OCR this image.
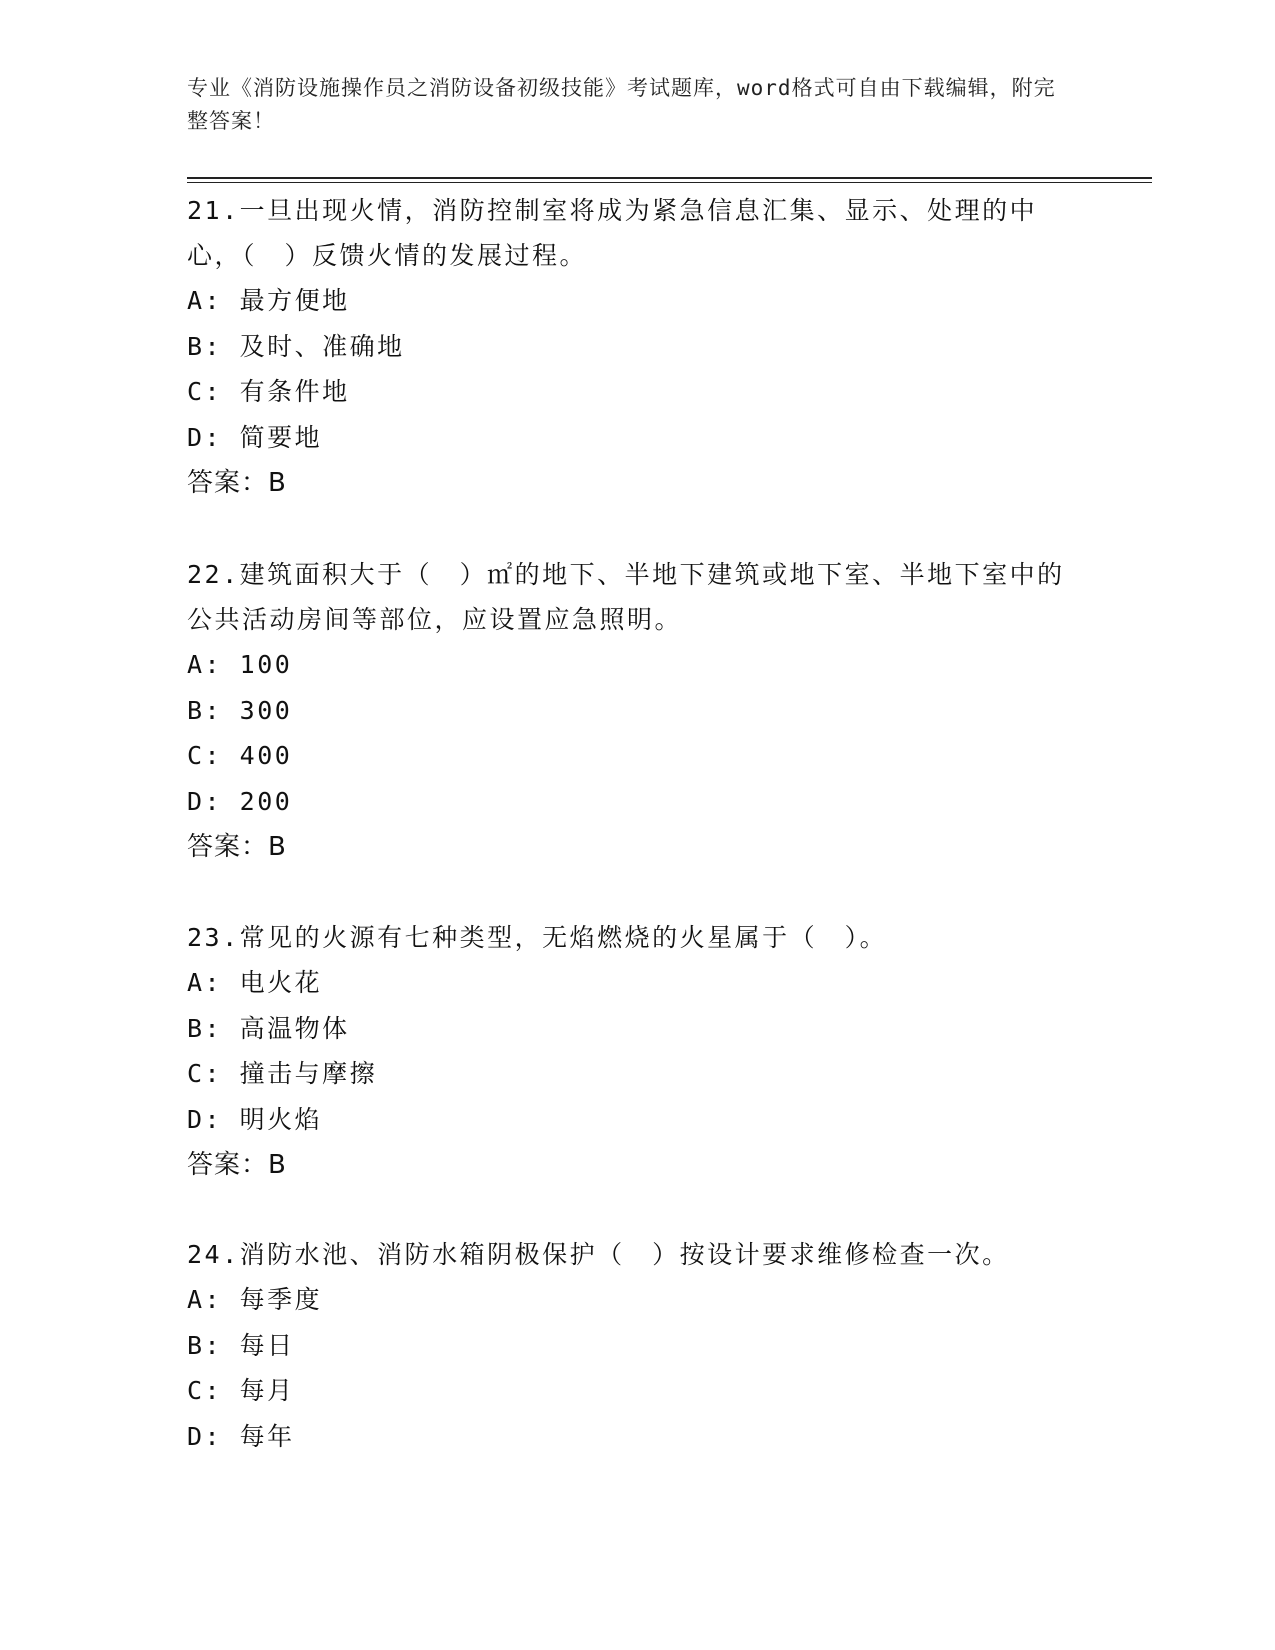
专业《消防设施操作员之消防设备初级技能》考试题库，word格式可自由下载编辑，附完整答案！

21.一旦出现火情，消防控制室将成为紧急信息汇集、显示、处理的中心，（　）反馈火情的发展过程。

A: 最方便地

B: 及时、准确地

C: 有条件地

D: 简要地

答案：B

22.建筑面积大于（　）㎡的地下、半地下建筑或地下室、半地下室中的公共活动房间等部位，应设置应急照明。

A: 100

B: 300

C: 400

D: 200

答案：B

23.常见的火源有七种类型，无焰燃烧的火星属于（　）。

A: 电火花

B: 高温物体

C: 撞击与摩擦

D: 明火焰

答案：B

24.消防水池、消防水箱阴极保护（　）按设计要求维修检查一次。

A: 每季度

B: 每日

C: 每月

D: 每年
